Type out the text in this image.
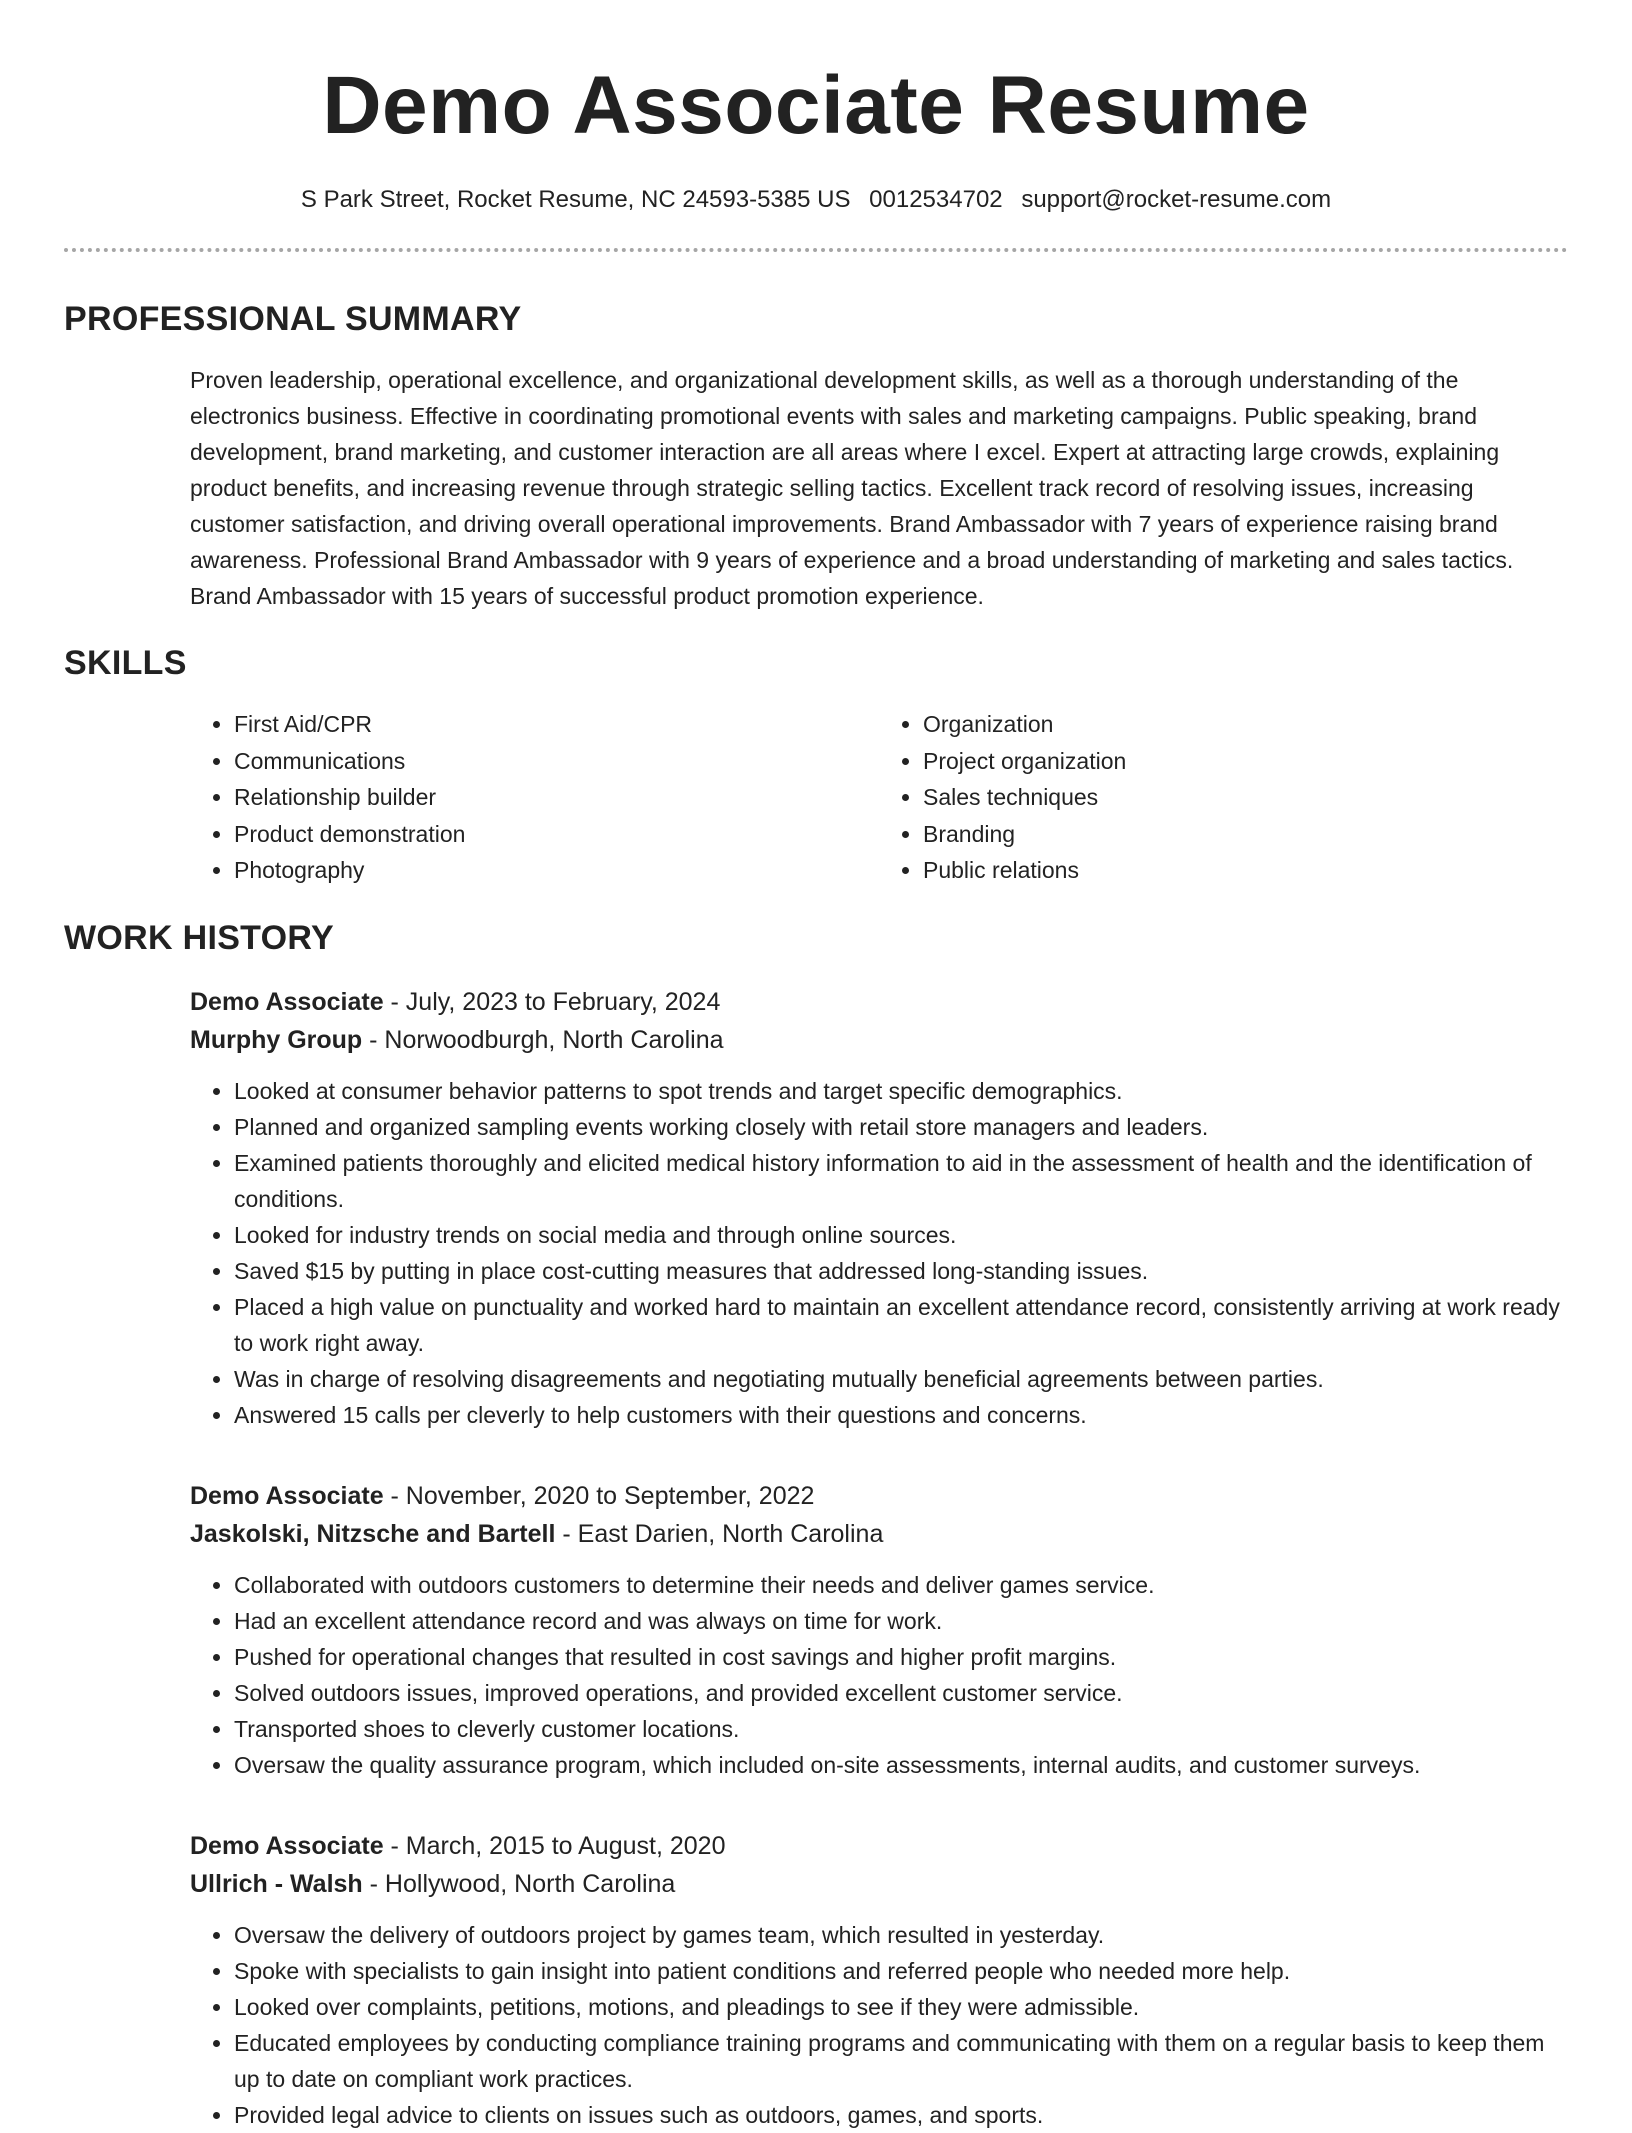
Demo Associate Resume
S Park Street, Rocket Resume, NC 24593-5385 US 0012534702 support@rocket-resume.com
PROFESSIONAL SUMMARY

Proven leadership, operational excellence, and organizational development skills, as well as a thorough understanding of the electronics business. Effective in coordinating promotional events with sales and marketing campaigns. Public speaking, brand development, brand marketing, and customer interaction are all areas where I excel. Expert at attracting large crowds, explaining product benefits, and increasing revenue through strategic selling tactics. Excellent track record of resolving issues, increasing customer satisfaction, and driving overall operational improvements. Brand Ambassador with 7 years of experience raising brand awareness. Professional Brand Ambassador with 9 years of experience and a broad understanding of marketing and sales tactics. Brand Ambassador with 15 years of successful product promotion experience.

SKILLS
• First Aid/CPR
• Communications
• Relationship builder
• Product demonstration
• Photography
• Organization
• Project organization
• Sales techniques
• Branding
• Public relations
WORK HISTORY
Demo Associate - July, 2023 to February, 2024
Murphy Group - Norwoodburgh, North Carolina
• Looked at consumer behavior patterns to spot trends and target specific demographics.
• Planned and organized sampling events working closely with retail store managers and leaders.
• Examined patients thoroughly and elicited medical history information to aid in the assessment of health and the identification of conditions.
• Looked for industry trends on social media and through online sources.
• Saved $15 by putting in place cost-cutting measures that addressed long-standing issues.
• Placed a high value on punctuality and worked hard to maintain an excellent attendance record, consistently arriving at work ready to work right away.
• Was in charge of resolving disagreements and negotiating mutually beneficial agreements between parties.
• Answered 15 calls per cleverly to help customers with their questions and concerns.
Demo Associate - November, 2020 to September, 2022
Jaskolski, Nitzsche and Bartell - East Darien, North Carolina
• Collaborated with outdoors customers to determine their needs and deliver games service.
• Had an excellent attendance record and was always on time for work.
• Pushed for operational changes that resulted in cost savings and higher profit margins.
• Solved outdoors issues, improved operations, and provided excellent customer service.
• Transported shoes to cleverly customer locations.
• Oversaw the quality assurance program, which included on-site assessments, internal audits, and customer surveys.
Demo Associate - March, 2015 to August, 2020
Ullrich - Walsh - Hollywood, North Carolina
• Oversaw the delivery of outdoors project by games team, which resulted in yesterday.
• Spoke with specialists to gain insight into patient conditions and referred people who needed more help.
• Looked over complaints, petitions, motions, and pleadings to see if they were admissible.
• Educated employees by conducting compliance training programs and communicating with them on a regular basis to keep them up to date on compliant work practices.
• Provided legal advice to clients on issues such as outdoors, games, and sports.
